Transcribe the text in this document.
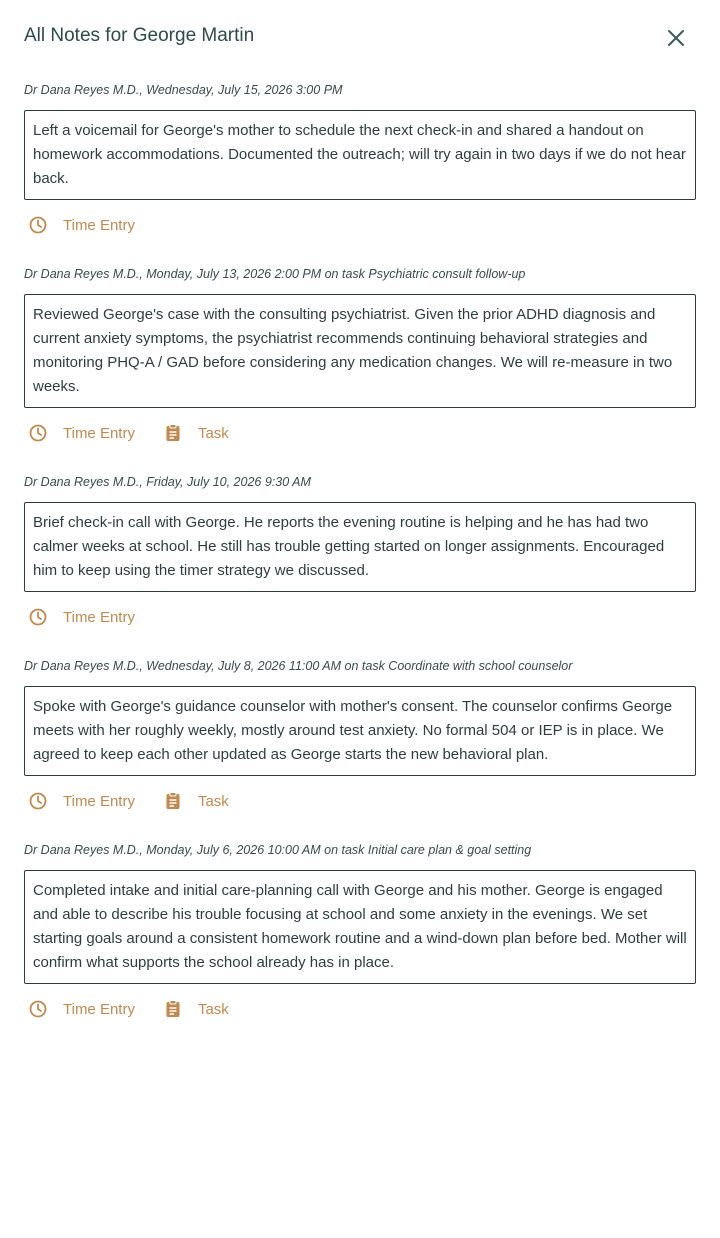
All Notes for George Martin
Dr Dana Reyes M.D., Wednesday, July 15, 2026 3:00 PM
Left a voicemail for George's mother to schedule the next check-in and shared a handout on homework accommodations. Documented the outreach; will try again in two days if we do not hear back.
Time Entry
Dr Dana Reyes M.D., Monday, July 13, 2026 2:00 PM on task Psychiatric consult follow-up
Reviewed George's case with the consulting psychiatrist. Given the prior ADHD diagnosis and current anxiety symptoms, the psychiatrist recommends continuing behavioral strategies and monitoring PHQ-A / GAD before considering any medication changes. We will re-measure in two weeks.
Time Entry	Task
Dr Dana Reyes M.D., Friday, July 10, 2026 9:30 AM
Brief check-in call with George. He reports the evening routine is helping and he has had two calmer weeks at school. He still has trouble getting started on longer assignments. Encouraged him to keep using the timer strategy we discussed.
Time Entry
Dr Dana Reyes M.D., Wednesday, July 8, 2026 11:00 AM on task Coordinate with school counselor
Spoke with George's guidance counselor with mother's consent. The counselor confirms George meets with her roughly weekly, mostly around test anxiety. No formal 504 or IEP is in place. We agreed to keep each other updated as George starts the new behavioral plan.
Time Entry	Task
Dr Dana Reyes M.D., Monday, July 6, 2026 10:00 AM on task Initial care plan & goal setting
Completed intake and initial care-planning call with George and his mother. George is engaged and able to describe his trouble focusing at school and some anxiety in the evenings. We set starting goals around a consistent homework routine and a wind-down plan before bed. Mother will confirm what supports the school already has in place.
Time Entry	Task
